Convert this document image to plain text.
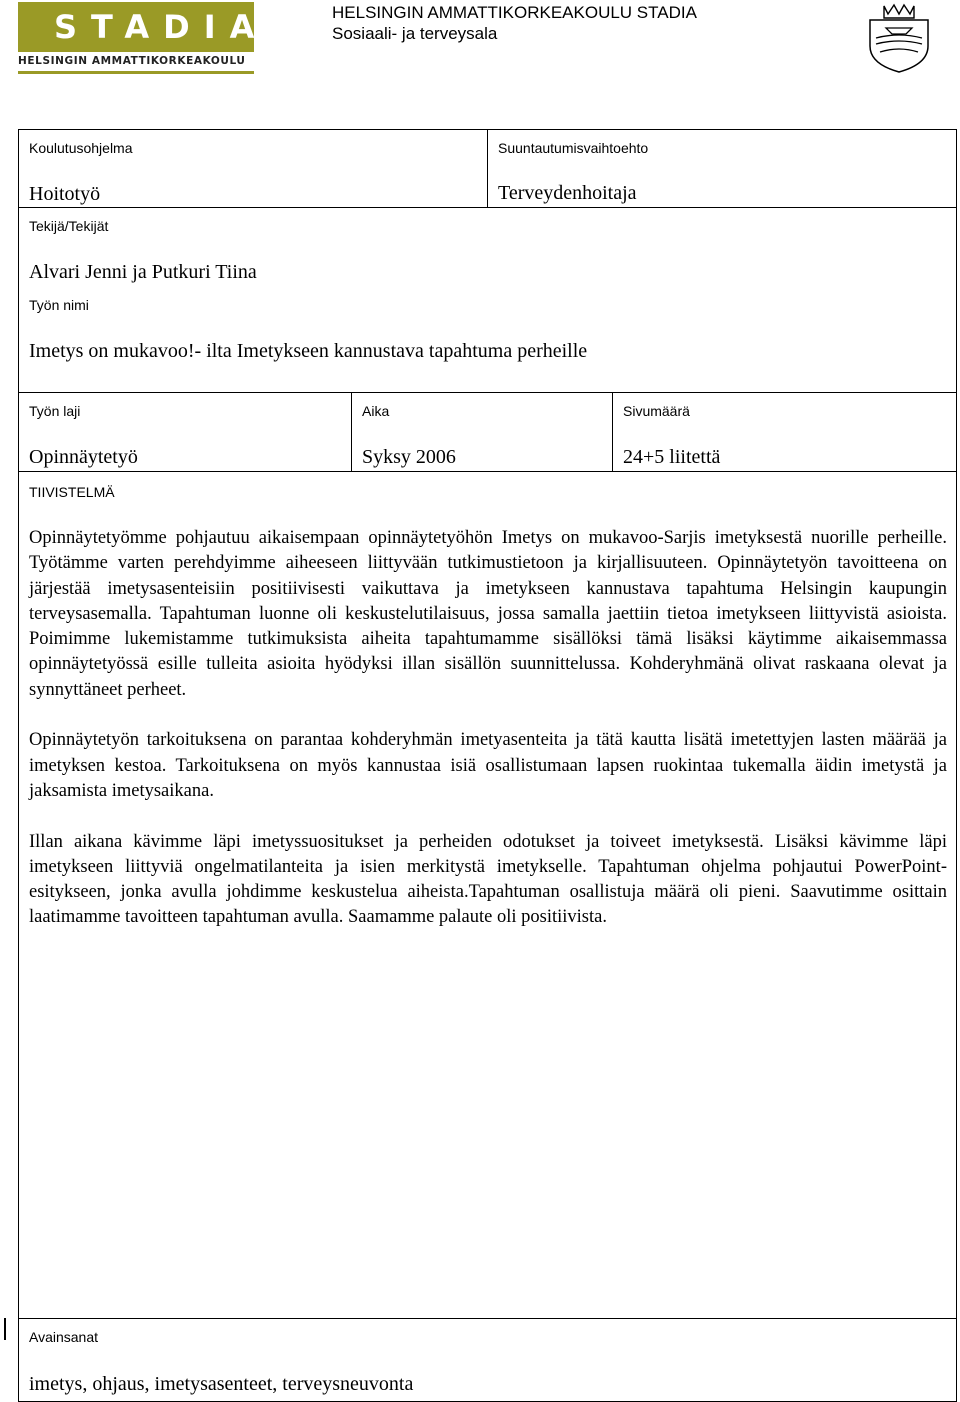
STADIA
HELSINGIN AMMATTIKORKEAKOULU
HELSINGIN AMMATTIKORKEAKOULU STADIA
Sosiaali- ja terveysala
Koulutusohjelma
Hoitotyö
Suuntautumisvaihtoehto
Terveydenhoitaja
Tekijä/Tekijät
Alvari Jenni ja Putkuri Tiina
Työn nimi
Imetys on mukavoo!- ilta Imetykseen kannustava tapahtuma perheille
Työn laji
Opinnäytetyö
Aika
Syksy 2006
Sivumäärä
24+5 liitettä
TIIVISTELMÄ

Opinnäytetyömme pohjautuu aikaisempaan opinnäytetyöhön Imetys on mukavoo-Sarjis imetyksestä nuorille perheille. Työtämme varten perehdyimme aiheeseen liittyvään tutkimustietoon ja kirjallisuuteen. Opinnäytetyön tavoitteena on järjestää imetysasenteisiin positiivisesti vaikuttava ja imetykseen kannustava tapahtuma Helsingin kaupungin terveysasemalla. Tapahtuman luonne oli keskustelutilaisuus, jossa samalla jaettiin tietoa imetykseen liittyvistä asioista. Poimimme lukemistamme tutkimuksista aiheita tapahtumamme sisällöksi tämä lisäksi käytimme aikaisemmassa opinnäytetyössä esille tulleita asioita hyödyksi illan sisällön suunnittelussa. Kohderyhmänä olivat raskaana olevat ja synnyttäneet perheet.

Opinnäytetyön tarkoituksena on parantaa kohderyhmän imetyasenteita ja tätä kautta lisätä imetettyjen lasten määrää ja imetyksen kestoa. Tarkoituksena on myös kannustaa isiä osallistumaan lapsen ruokintaa tukemalla äidin imetystä ja jaksamista imetysaikana.

Illan aikana kävimme läpi imetyssuositukset ja perheiden odotukset ja toiveet imetyksestä. Lisäksi kävimme läpi imetykseen liittyviä ongelmatilanteita ja isien merkitystä imetykselle. Tapahtuman ohjelma pohjautui PowerPoint-esitykseen, jonka avulla johdimme keskustelua aiheista.Tapahtuman osallistuja määrä oli pieni. Saavutimme osittain laatimamme tavoitteen tapahtuman avulla. Saamamme palaute oli positiivista.

Avainsanat
imetys, ohjaus, imetysasenteet, terveysneuvonta
